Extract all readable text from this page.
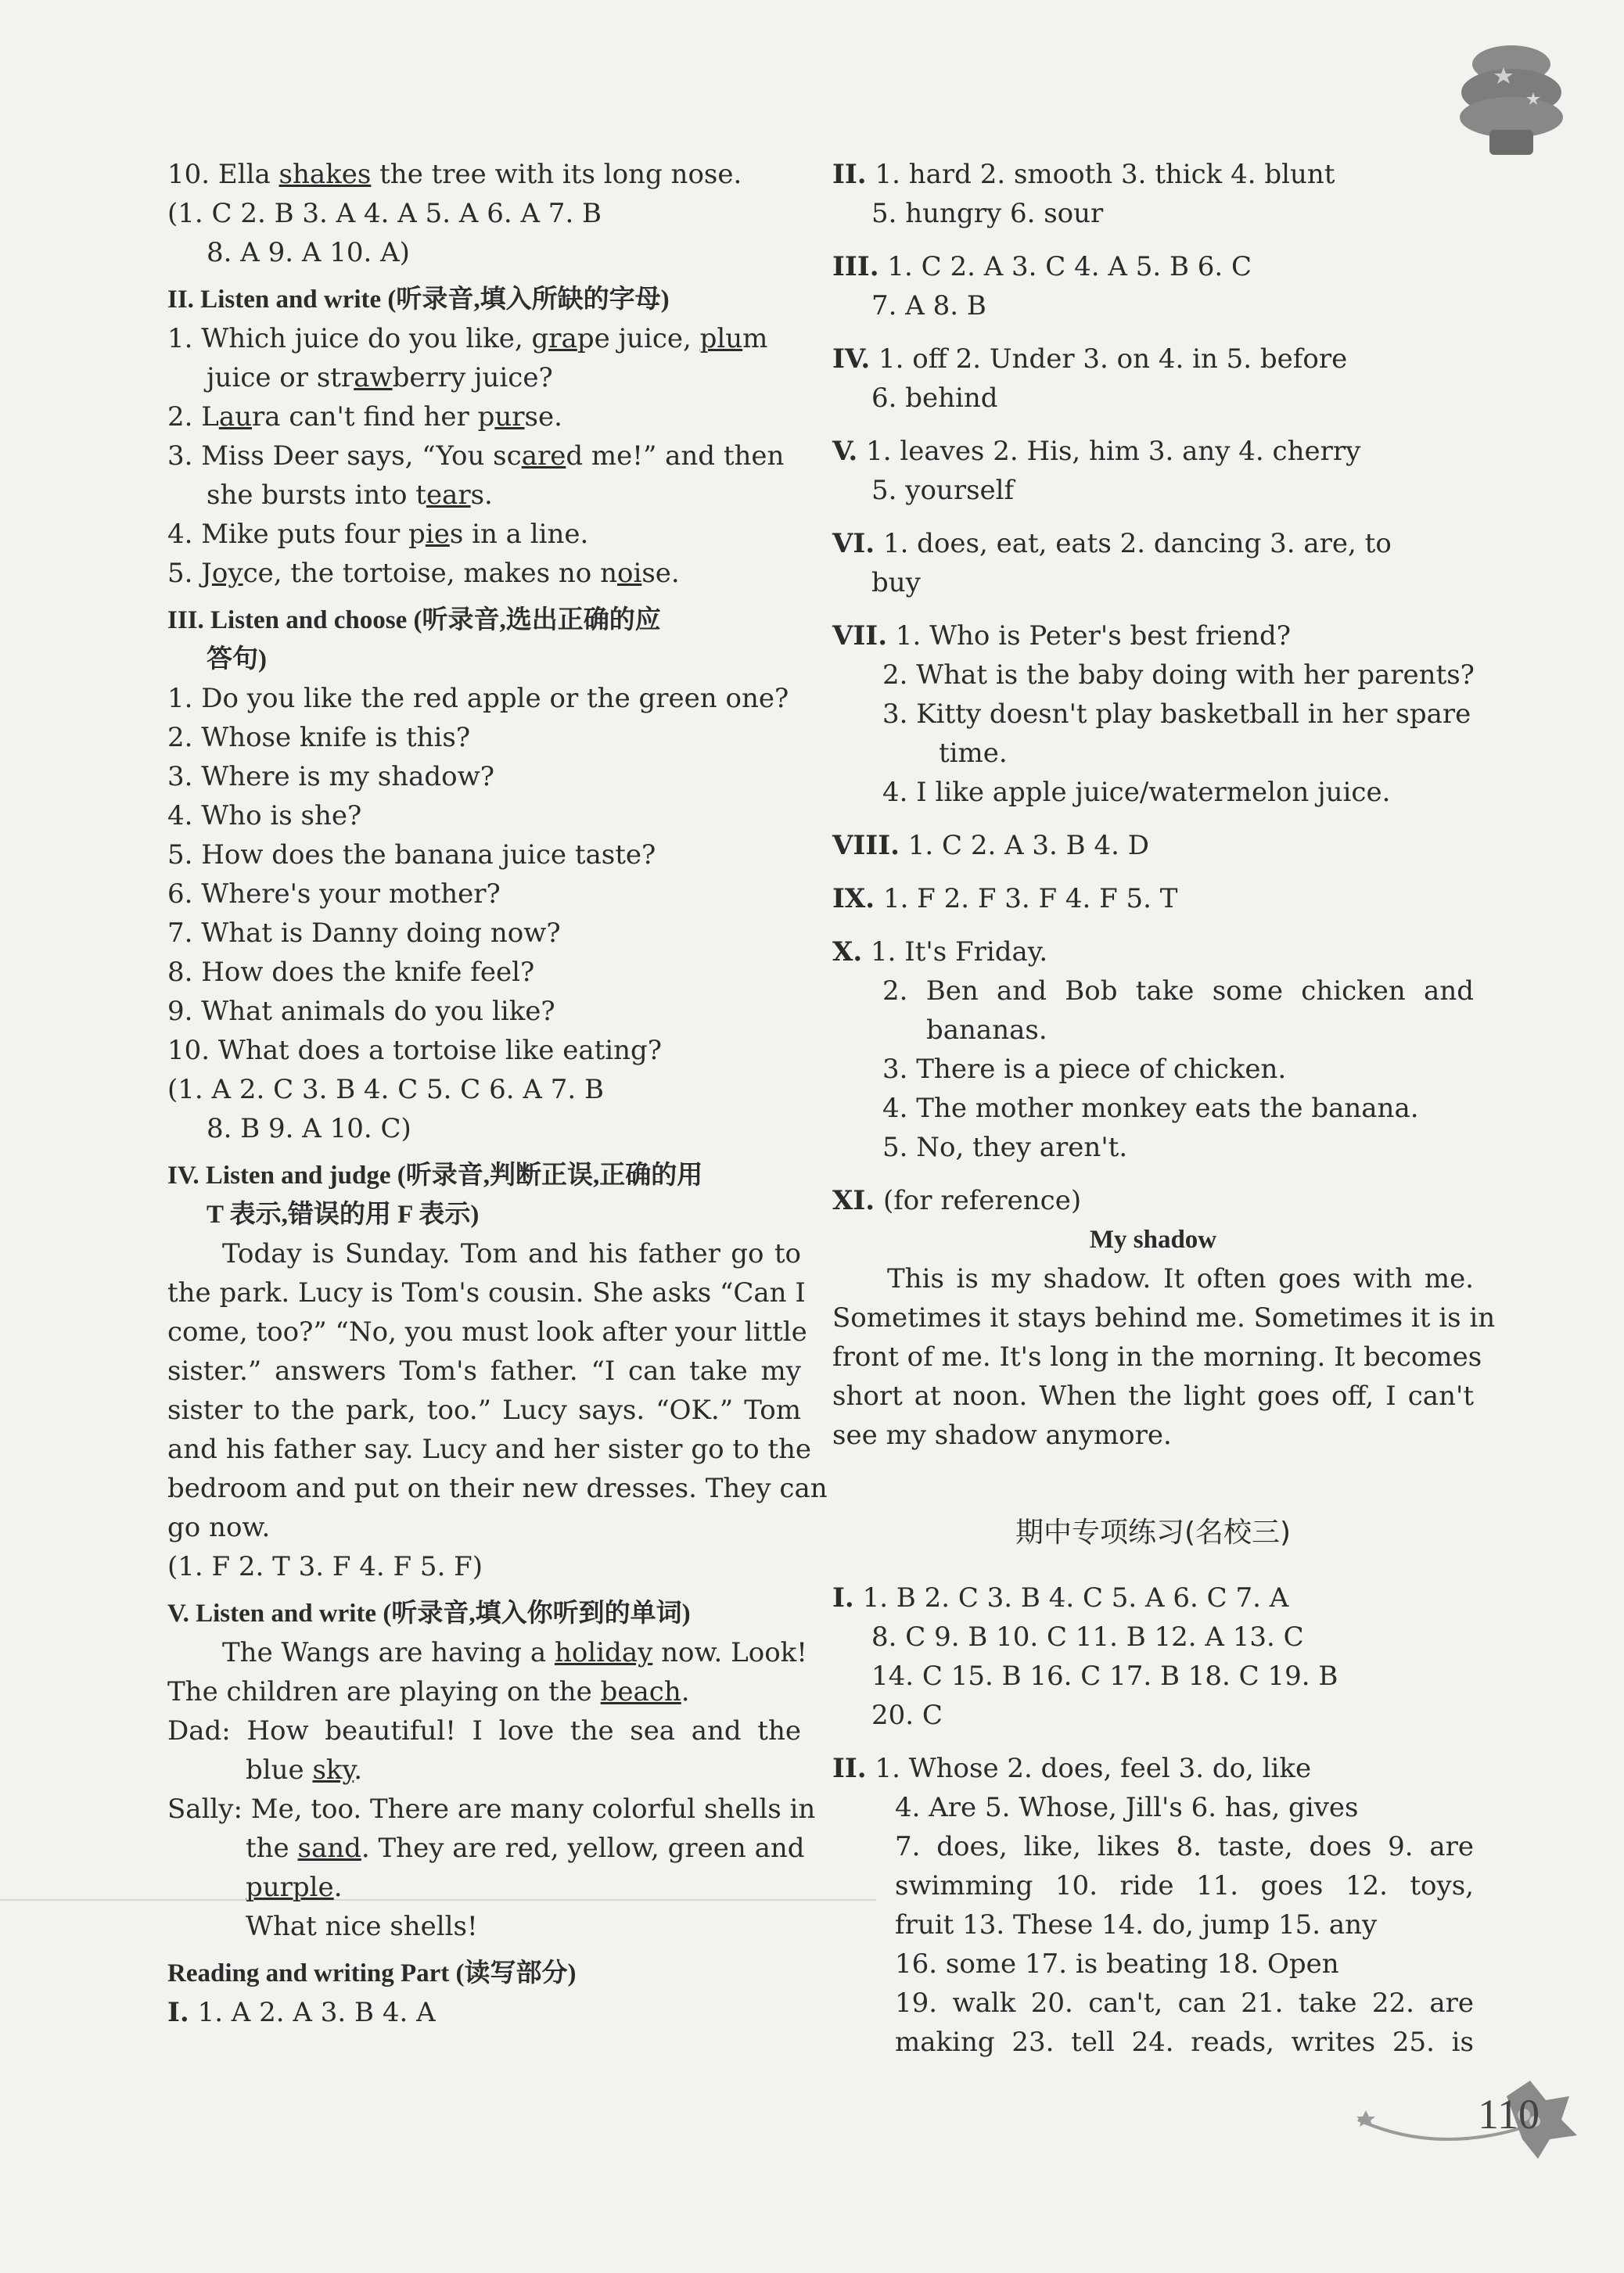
10. Ella shakes the tree with its long nose.
(1. C 2. B 3. A 4. A 5. A 6. A 7. B
8. A 9. A 10. A)
II. Listen and write (听录音,填入所缺的字母)
1. Which juice do you like, grape juice, plum
juice or strawberry juice?
2. Laura can't find her purse.
3. Miss Deer says, “You scared me!” and then
she bursts into tears.
4. Mike puts four pies in a line.
5. Joyce, the tortoise, makes no noise.
III. Listen and choose (听录音,选出正确的应
答句)
1. Do you like the red apple or the green one?
2. Whose knife is this?
3. Where is my shadow?
4. Who is she?
5. How does the banana juice taste?
6. Where's your mother?
7. What is Danny doing now?
8. How does the knife feel?
9. What animals do you like?
10. What does a tortoise like eating?
(1. A 2. C 3. B 4. C 5. C 6. A 7. B
8. B 9. A 10. C)
IV. Listen and judge (听录音,判断正误,正确的用
T 表示,错误的用 F 表示)
Today is Sunday. Tom and his father go to
the park. Lucy is Tom's cousin. She asks “Can I
come, too?” “No, you must look after your little
sister.” answers Tom's father. “I can take my
sister to the park, too.” Lucy says. “OK.” Tom
and his father say. Lucy and her sister go to the
bedroom and put on their new dresses. They can
go now.
(1. F 2. T 3. F 4. F 5. F)
V. Listen and write (听录音,填入你听到的单词)
The Wangs are having a holiday now. Look!
The children are playing on the beach.
Dad: How beautiful! I love the sea and the
blue sky.
Sally: Me, too. There are many colorful shells in
the sand. They are red, yellow, green and
purple.
What nice shells!
Reading and writing Part (读写部分)
I. 1. A 2. A 3. B 4. A
II. 1. hard 2. smooth 3. thick 4. blunt
5. hungry 6. sour
III. 1. C 2. A 3. C 4. A 5. B 6. C
7. A 8. B
IV. 1. off 2. Under 3. on 4. in 5. before
6. behind
V. 1. leaves 2. His, him 3. any 4. cherry
5. yourself
VI. 1. does, eat, eats 2. dancing 3. are, to
buy
VII. 1. Who is Peter's best friend?
2. What is the baby doing with her parents?
3. Kitty doesn't play basketball in her spare
time.
4. I like apple juice/watermelon juice.
VIII. 1. C 2. A 3. B 4. D
IX. 1. F 2. F 3. F 4. F 5. T
X. 1. It's Friday.
2. Ben and Bob take some chicken and
bananas.
3. There is a piece of chicken.
4. The mother monkey eats the banana.
5. No, they aren't.
XI. (for reference)
My shadow
This is my shadow. It often goes with me.
Sometimes it stays behind me. Sometimes it is in
front of me. It's long in the morning. It becomes
short at noon. When the light goes off, I can't
see my shadow anymore.
期中专项练习(名校三)
I. 1. B 2. C 3. B 4. C 5. A 6. C 7. A
8. C 9. B 10. C 11. B 12. A 13. C
14. C 15. B 16. C 17. B 18. C 19. B
20. C
II. 1. Whose 2. does, feel 3. do, like
4. Are 5. Whose, Jill's 6. has, gives
7. does, like, likes 8. taste, does 9. are
swimming 10. ride 11. goes 12. toys,
fruit 13. These 14. do, jump 15. any
16. some 17. is beating 18. Open
19. walk 20. can't, can 21. take 22. are
making 23. tell 24. reads, writes 25. is
110
